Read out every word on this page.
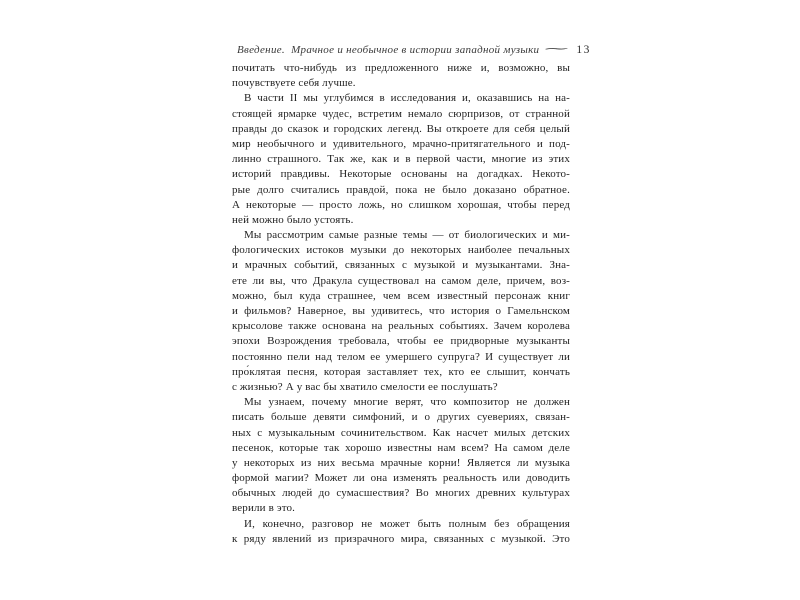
Введение.  Мрачное и необычное в истории западной музыки ⁓ 13

почитать что-нибудь из предложенного ниже и, возможно, вы
почувствуете себя лучше.
В части II мы углубимся в исследования и, оказавшись на на-
стоящей ярмарке чудес, встретим немало сюрпризов, от странной
правды до сказок и городских легенд. Вы откроете для себя целый
мир необычного и удивительного, мрачно-притягательного и под-
линно страшного. Так же, как и в первой части, многие из этих
историй правдивы. Некоторые основаны на догадках. Некото-
рые долго считались правдой, пока не было доказано обратное.
А некоторые — просто ложь, но слишком хорошая, чтобы перед
ней можно было устоять.
Мы рассмотрим самые разные темы — от биологических и ми-
фологических истоков музыки до некоторых наиболее печальных
и мрачных событий, связанных с музыкой и музыкантами. Зна-
ете ли вы, что Дракула существовал на самом деле, причем, воз-
можно, был куда страшнее, чем всем известный персонаж книг
и фильмов? Наверное, вы удивитесь, что история о Гамельнском
крысолове также основана на реальных событиях. Зачем королева
эпохи Возрождения требовала, чтобы ее придворные музыканты
постоянно пели над телом ее умершего супруга? И существует ли
про́клятая песня, которая заставляет тех, кто ее слышит, кончать
с жизнью? А у вас бы хватило смелости ее послушать?
Мы узнаем, почему многие верят, что композитор не должен
писать больше девяти симфоний, и о других суевериях, связан-
ных с музыкальным сочинительством. Как насчет милых детских
песенок, которые так хорошо известны нам всем? На самом деле
у некоторых из них весьма мрачные корни! Является ли музыка
формой магии? Может ли она изменять реальность или доводить
обычных людей до сумасшествия? Во многих древних культурах
верили в это.
И, конечно, разговор не может быть полным без обращения
к ряду явлений из призрачного мира, связанных с музыкой. Это
